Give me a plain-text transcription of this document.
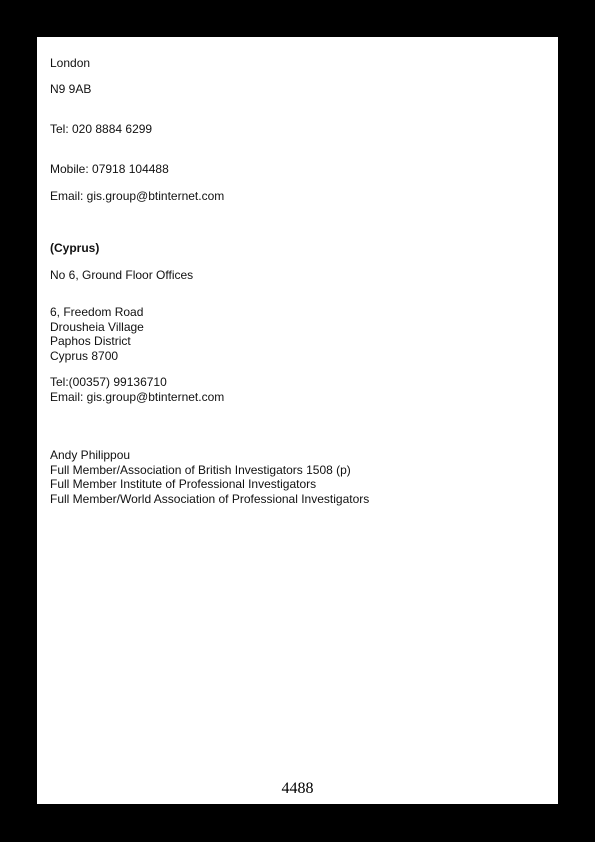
London
N9 9AB
Tel: 020 8884 6299
Mobile: 07918 104488
Email: gis.group@btinternet.com
(Cyprus)
No 6, Ground Floor Offices
6, Freedom Road
Drousheia Village
Paphos District
Cyprus 8700
Tel:(00357) 99136710
Email: gis.group@btinternet.com
Andy Philippou
Full Member/Association of British Investigators 1508 (p)
Full Member Institute of Professional Investigators
Full Member/World Association of Professional Investigators
4488
